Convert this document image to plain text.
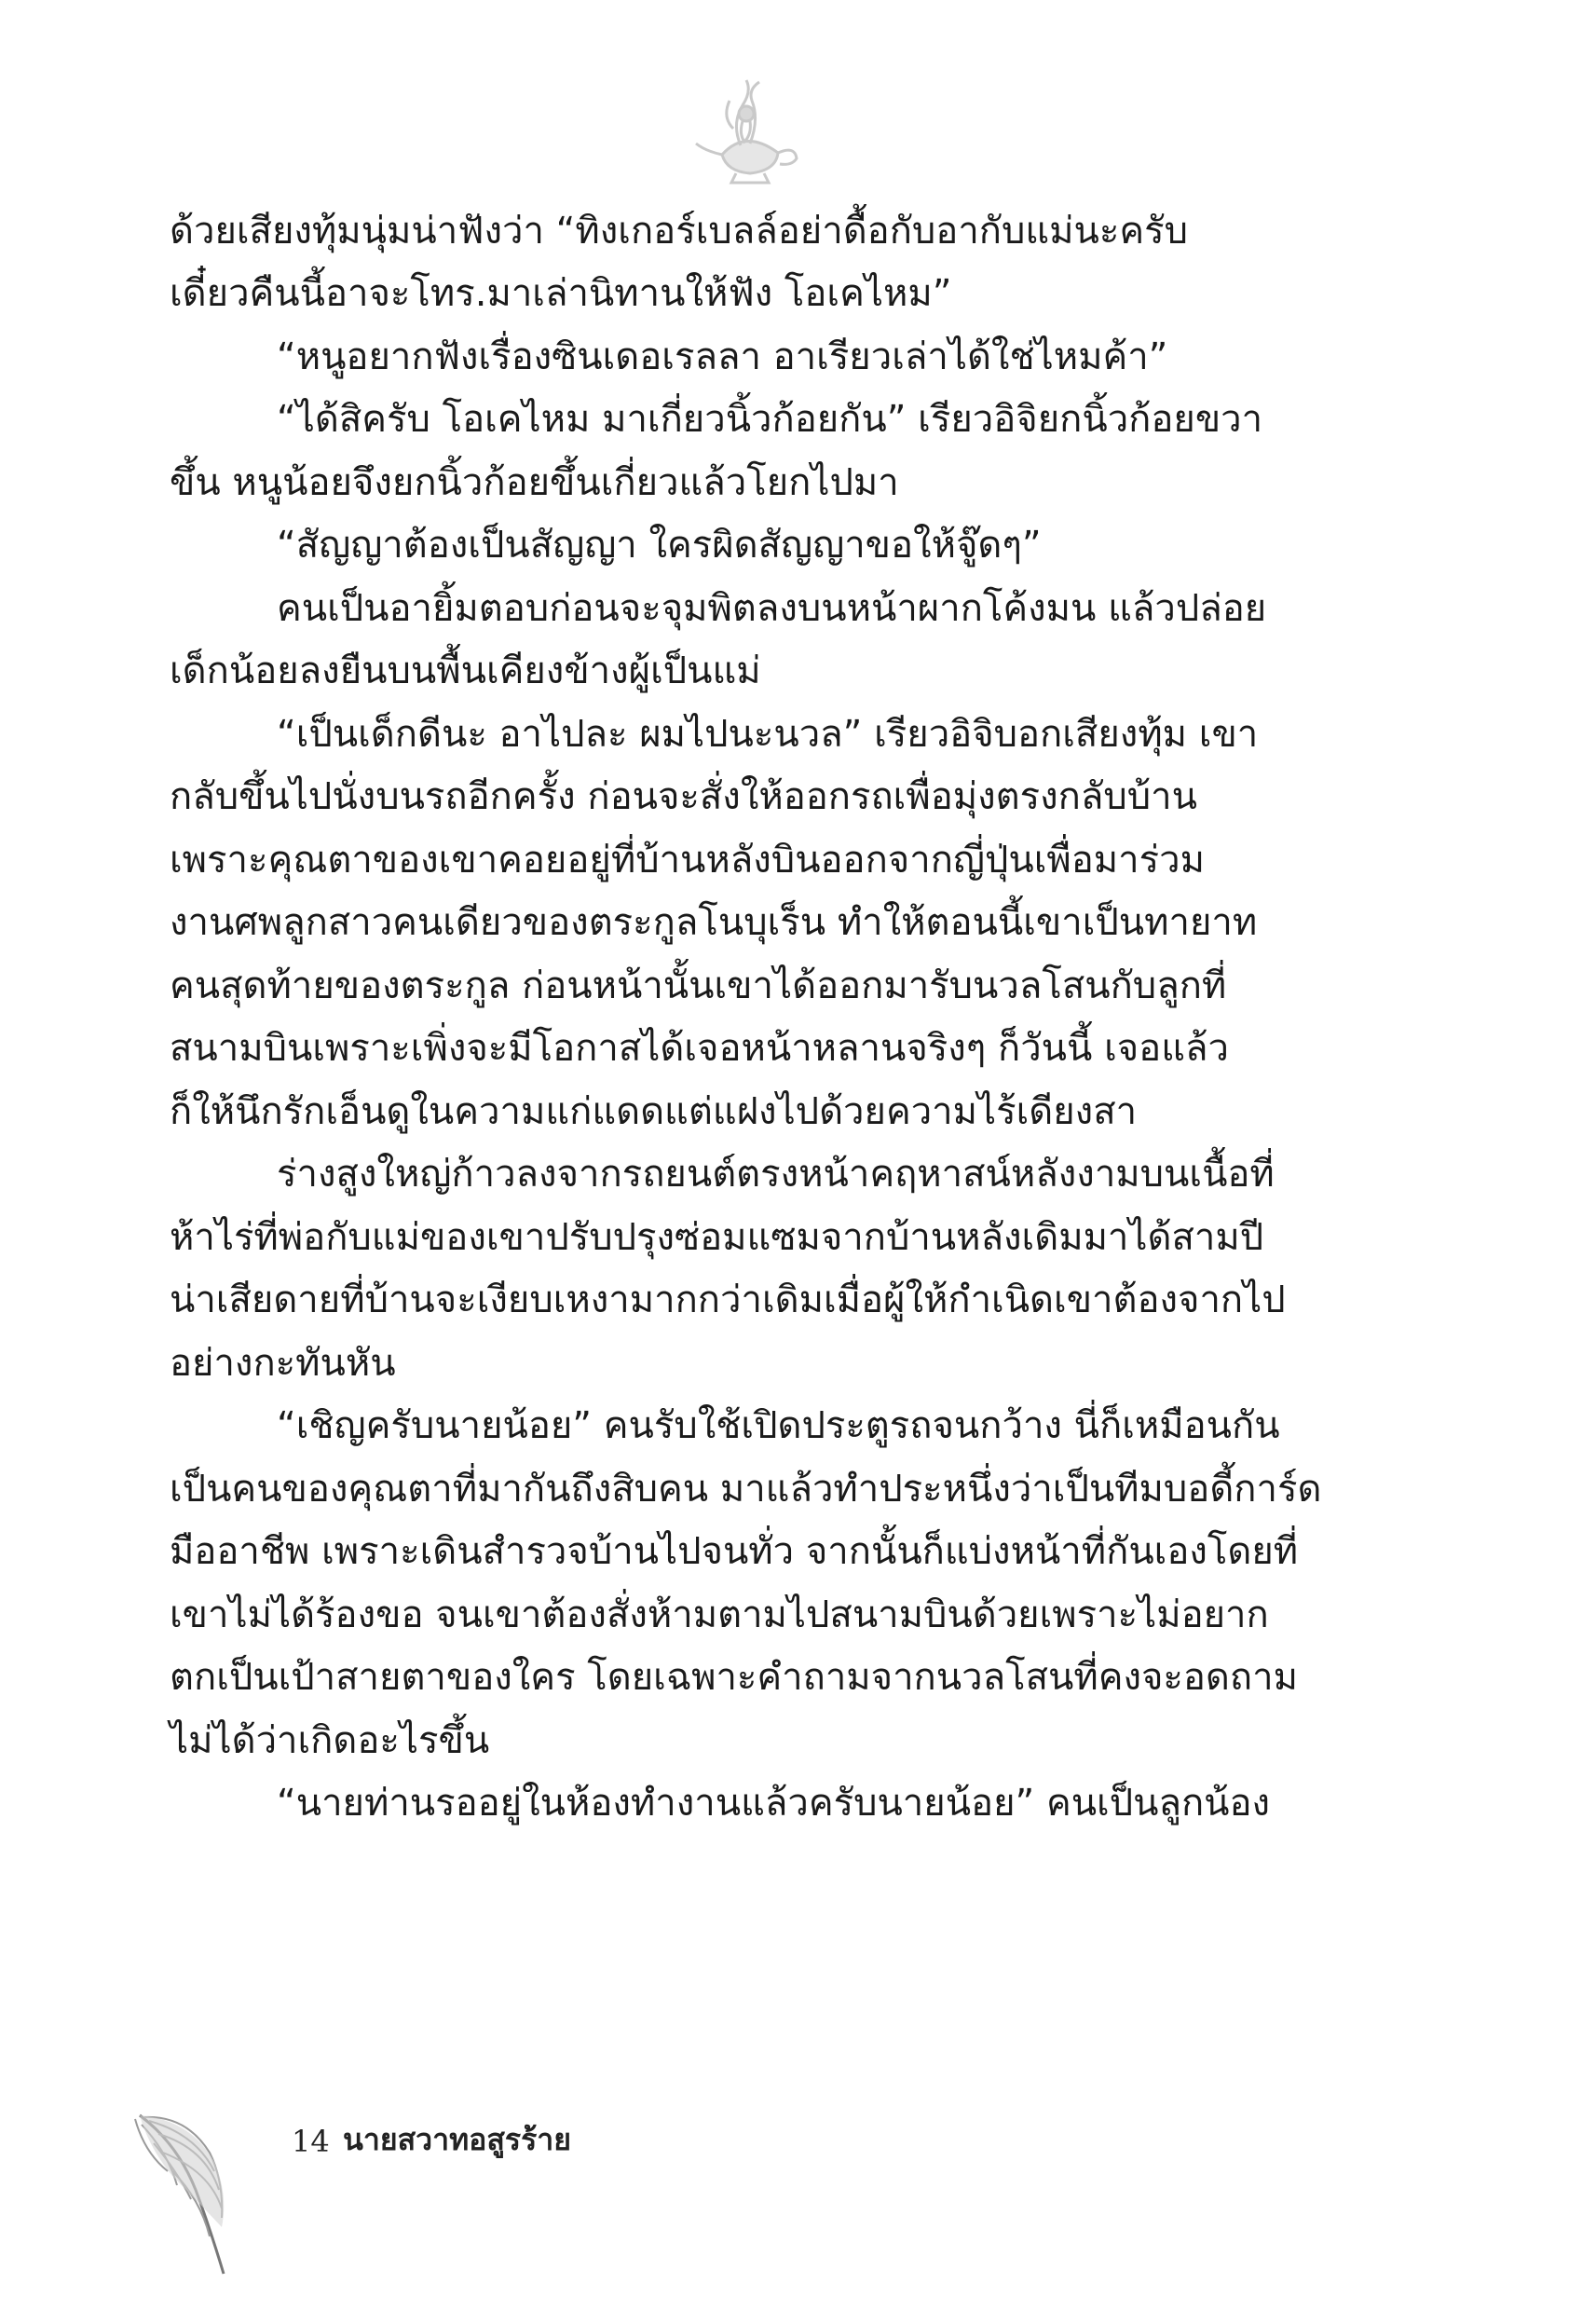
ด้วยเสียงทุ้มนุ่มน่าฟังว่า “ทิงเกอร์เบลล์อย่าดื้อกับอากับแม่นะครับ
เดี๋ยวคืนนี้อาจะโทร.มาเล่านิทานให้ฟัง โอเคไหม”
“หนูอยากฟังเรื่องซินเดอเรลลา อาเรียวเล่าได้ใช่ไหมค้า”
“ได้สิครับ โอเคไหม มาเกี่ยวนิ้วก้อยกัน” เรียวอิจิยกนิ้วก้อยขวา
ขึ้น หนูน้อยจึงยกนิ้วก้อยขึ้นเกี่ยวแล้วโยกไปมา
“สัญญาต้องเป็นสัญญา ใครผิดสัญญาขอให้จู๊ดๆ”
คนเป็นอายิ้มตอบก่อนจะจุมพิตลงบนหน้าผากโค้งมน แล้วปล่อย
เด็กน้อยลงยืนบนพื้นเคียงข้างผู้เป็นแม่
“เป็นเด็กดีนะ อาไปละ ผมไปนะนวล” เรียวอิจิบอกเสียงทุ้ม เขา
กลับขึ้นไปนั่งบนรถอีกครั้ง ก่อนจะสั่งให้ออกรถเพื่อมุ่งตรงกลับบ้าน
เพราะคุณตาของเขาคอยอยู่ที่บ้านหลังบินออกจากญี่ปุ่นเพื่อมาร่วม
งานศพลูกสาวคนเดียวของตระกูลโนบุเร็น ทำให้ตอนนี้เขาเป็นทายาท
คนสุดท้ายของตระกูล ก่อนหน้านั้นเขาได้ออกมารับนวลโสนกับลูกที่
สนามบินเพราะเพิ่งจะมีโอกาสได้เจอหน้าหลานจริงๆ ก็วันนี้ เจอแล้ว
ก็ให้นึกรักเอ็นดูในความแก่แดดแต่แฝงไปด้วยความไร้เดียงสา
ร่างสูงใหญ่ก้าวลงจากรถยนต์ตรงหน้าคฤหาสน์หลังงามบนเนื้อที่
ห้าไร่ที่พ่อกับแม่ของเขาปรับปรุงซ่อมแซมจากบ้านหลังเดิมมาได้สามปี
น่าเสียดายที่บ้านจะเงียบเหงามากกว่าเดิมเมื่อผู้ให้กำเนิดเขาต้องจากไป
อย่างกะทันหัน
“เชิญครับนายน้อย” คนรับใช้เปิดประตูรถจนกว้าง นี่ก็เหมือนกัน
เป็นคนของคุณตาที่มากันถึงสิบคน มาแล้วทำประหนึ่งว่าเป็นทีมบอดี้การ์ด
มืออาชีพ เพราะเดินสำรวจบ้านไปจนทั่ว จากนั้นก็แบ่งหน้าที่กันเองโดยที่
เขาไม่ได้ร้องขอ จนเขาต้องสั่งห้ามตามไปสนามบินด้วยเพราะไม่อยาก
ตกเป็นเป้าสายตาของใคร โดยเฉพาะคำถามจากนวลโสนที่คงจะอดถาม
ไม่ได้ว่าเกิดอะไรขึ้น
“นายท่านรออยู่ในห้องทำงานแล้วครับนายน้อย” คนเป็นลูกน้อง
14 นายสวาทอสูรร้าย
